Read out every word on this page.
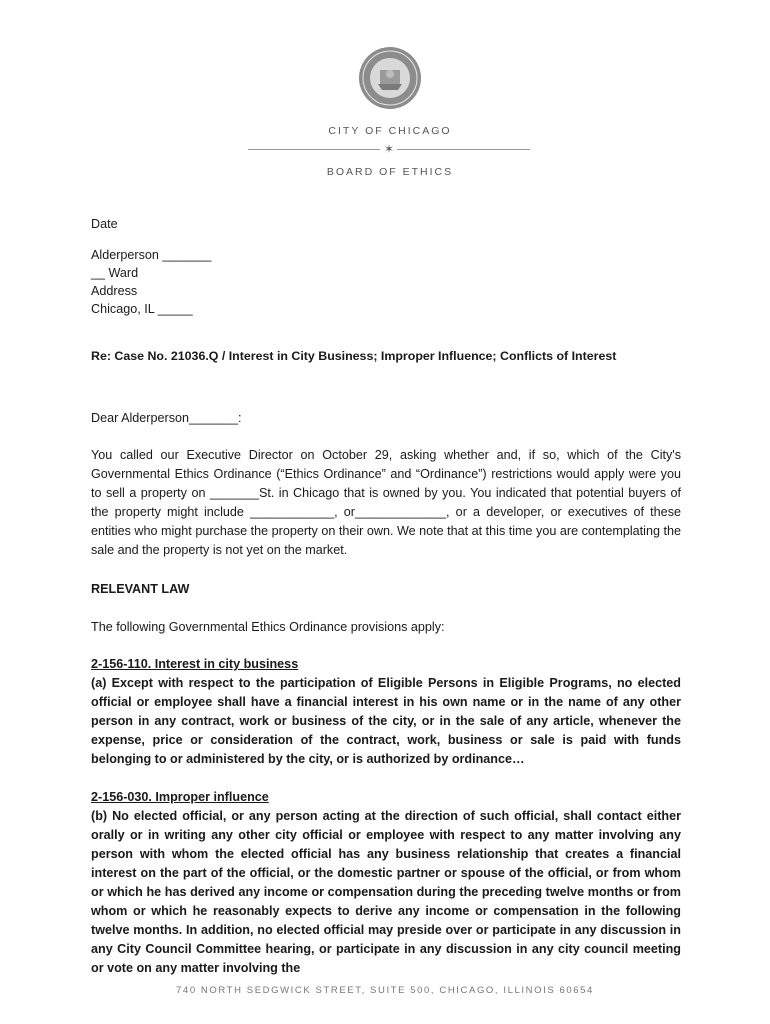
CITY OF CHICAGO
✶
BOARD OF ETHICS
Date
Alderperson _______
__ Ward
Address
Chicago, IL _____
Re: Case No. 21036.Q / Interest in City Business; Improper Influence; Conflicts of Interest
Dear Alderperson_______:
You called our Executive Director on October 29, asking whether and, if so, which of the City's Governmental Ethics Ordinance (“Ethics Ordinance” and “Ordinance”) restrictions would apply were you to sell a property on _______St. in Chicago that is owned by you. You indicated that potential buyers of the property might include ____________, or_____________, or a developer, or executives of these entities who might purchase the property on their own. We note that at this time you are contemplating the sale and the property is not yet on the market.
RELEVANT LAW
The following Governmental Ethics Ordinance provisions apply:
2-156-110. Interest in city business
(a) Except with respect to the participation of Eligible Persons in Eligible Programs, no elected official or employee shall have a financial interest in his own name or in the name of any other person in any contract, work or business of the city, or in the sale of any article, whenever the expense, price or consideration of the contract, work, business or sale is paid with funds belonging to or administered by the city, or is authorized by ordinance…
2-156-030. Improper influence
(b) No elected official, or any person acting at the direction of such official, shall contact either orally or in writing any other city official or employee with respect to any matter involving any person with whom the elected official has any business relationship that creates a financial interest on the part of the official, or the domestic partner or spouse of the official, or from whom or which he has derived any income or compensation during the preceding twelve months or from whom or which he reasonably expects to derive any income or compensation in the following twelve months. In addition, no elected official may preside over or participate in any discussion in any City Council Committee hearing, or participate in any discussion in any city council meeting or vote on any matter involving the
740 NORTH SEDGWICK STREET, SUITE 500, CHICAGO, ILLINOIS 60654
